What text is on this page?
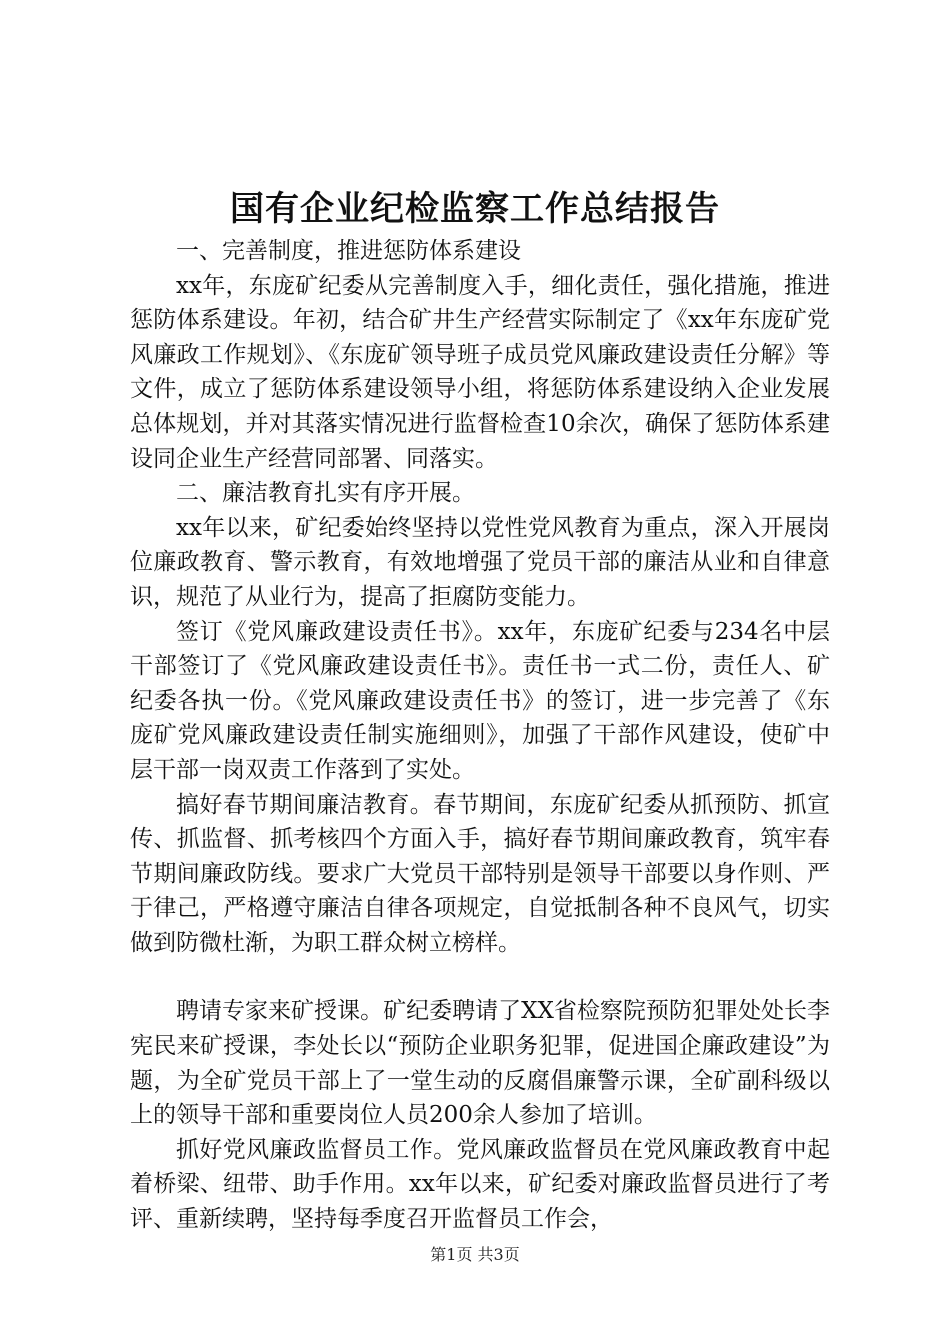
国有企业纪检监察工作总结报告

一、完善制度，推进惩防体系建设

xx年，东庞矿纪委从完善制度入手，细化责任，强化措施，推进惩防体系建设。年初，结合矿井生产经营实际制定了《xx年东庞矿党风廉政工作规划》、《东庞矿领导班子成员党风廉政建设责任分解》等文件，成立了惩防体系建设领导小组，将惩防体系建设纳入企业发展总体规划，并对其落实情况进行监督检查10余次，确保了惩防体系建设同企业生产经营同部署、同落实。

二、廉洁教育扎实有序开展。

xx年以来，矿纪委始终坚持以党性党风教育为重点，深入开展岗位廉政教育、警示教育，有效地增强了党员干部的廉洁从业和自律意识，规范了从业行为，提高了拒腐防变能力。

签订《党风廉政建设责任书》。xx年，东庞矿纪委与234名中层干部签订了《党风廉政建设责任书》。责任书一式二份，责任人、矿纪委各执一份。《党风廉政建设责任书》的签订，进一步完善了《东庞矿党风廉政建设责任制实施细则》，加强了干部作风建设，使矿中层干部一岗双责工作落到了实处。

搞好春节期间廉洁教育。春节期间，东庞矿纪委从抓预防、抓宣传、抓监督、抓考核四个方面入手，搞好春节期间廉政教育，筑牢春节期间廉政防线。要求广大党员干部特别是领导干部要以身作则、严于律己，严格遵守廉洁自律各项规定，自觉抵制各种不良风气，切实做到防微杜渐，为职工群众树立榜样。

聘请专家来矿授课。矿纪委聘请了XX省检察院预防犯罪处处长李宪民来矿授课，李处长以“预防企业职务犯罪，促进国企廉政建设”为题，为全矿党员干部上了一堂生动的反腐倡廉警示课，全矿副科级以上的领导干部和重要岗位人员200余人参加了培训。

抓好党风廉政监督员工作。党风廉政监督员在党风廉政教育中起着桥梁、纽带、助手作用。xx年以来，矿纪委对廉政监督员进行了考评、重新续聘，坚持每季度召开监督员工作会，

第1页 共3页
